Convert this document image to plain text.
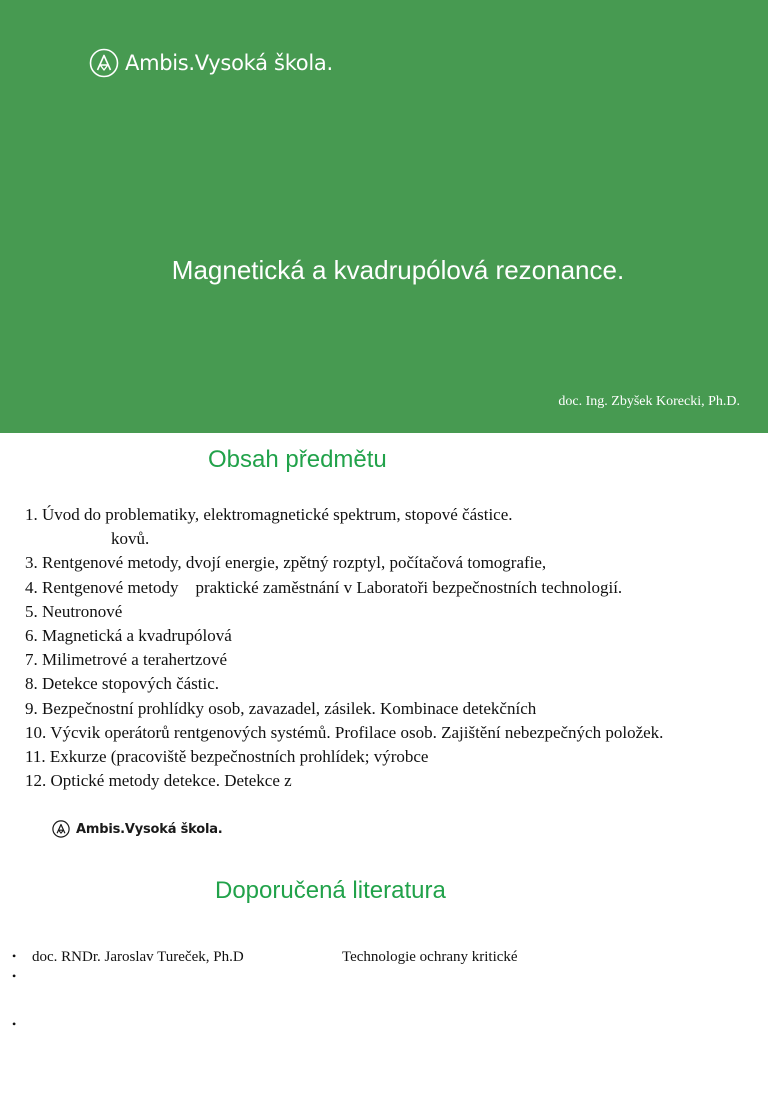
Ambis.Vysoká škola.
Magnetická a kvadrupólová rezonance.
doc. Ing. Zbyšek Korecki, Ph.D.
Obsah předmětu
1. Úvod do problematiky, elektromagnetické spektrum, stopové částice.
kovů.
3. Rentgenové metody, dvojí energie, zpětný rozptyl, počítačová tomografie,
4. Rentgenové metody    praktické zaměstnání v Laboratoři bezpečnostních technologií.
5. Neutronové
6. Magnetická a kvadrupólová
7. Milimetrové a terahertzové
8. Detekce stopových částic.
9. Bezpečnostní prohlídky osob, zavazadel, zásilek. Kombinace detekčních
10. Výcvik operátorů rentgenových systémů. Profilace osob. Zajištění nebezpečných položek.
11. Exkurze (pracoviště bezpečnostních prohlídek; výrobce
12. Optické metody detekce. Detekce z
Ambis.Vysoká škola.
Doporučená literatura

•

doc. RNDr. Jaroslav Tureček, Ph.D

	Technologie ochrany kritické

•

•
